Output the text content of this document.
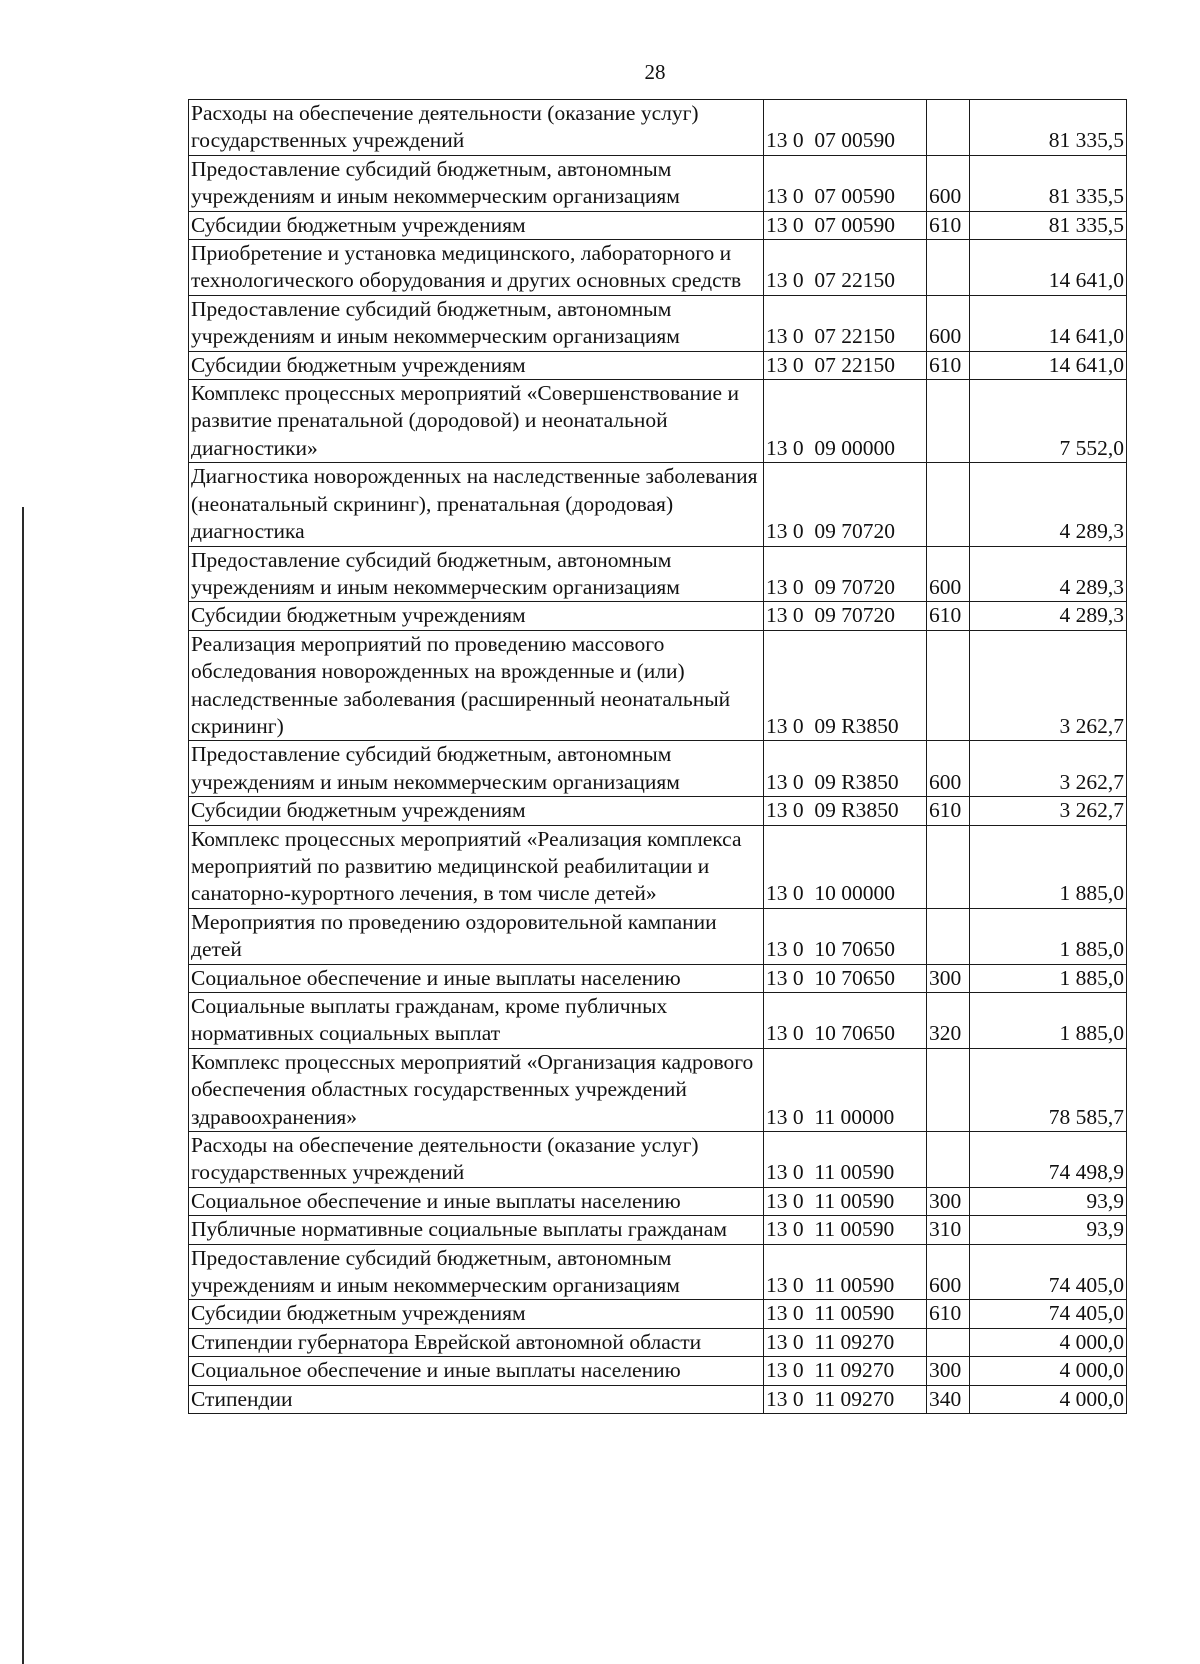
28
Расходы на обеспечение деятельности (оказание услуг) государственных учреждений	13 0  07 00590		81 335,5

Предоставление субсидий бюджетным, автономным учреждениям и иным некоммерческим организациям	13 0  07 00590	600	81 335,5

Субсидии бюджетным учреждениям	13 0  07 00590	610	81 335,5

Приобретение и установка медицинского, лабораторного и технологического оборудования и других основных средств	13 0  07 22150		14 641,0

Предоставление субсидий бюджетным, автономным учреждениям и иным некоммерческим организациям	13 0  07 22150	600	14 641,0

Субсидии бюджетным учреждениям	13 0  07 22150	610	14 641,0

Комплекс процессных мероприятий «Совершенствование и развитие пренатальной (дородовой) и неонатальной диагностики»	13 0  09 00000		7 552,0

Диагностика новорожденных на наследственные заболевания (неонатальный скрининг), пренатальная (дородовая) диагностика	13 0  09 70720		4 289,3

Предоставление субсидий бюджетным, автономным учреждениям и иным некоммерческим организациям	13 0  09 70720	600	4 289,3

Субсидии бюджетным учреждениям	13 0  09 70720	610	4 289,3

Реализация мероприятий по проведению массового обследования новорожденных на врожденные и (или) наследственные заболевания (расширенный неонатальный скрининг)	13 0  09 R3850		3 262,7

Предоставление субсидий бюджетным, автономным учреждениям и иным некоммерческим организациям	13 0  09 R3850	600	3 262,7

Субсидии бюджетным учреждениям	13 0  09 R3850	610	3 262,7

Комплекс процессных мероприятий «Реализация комплекса мероприятий по развитию медицинской реабилитации и санаторно-курортного лечения, в том числе детей»	13 0  10 00000		1 885,0

Мероприятия по проведению оздоровительной кампании детей	13 0  10 70650		1 885,0

Социальное обеспечение и иные выплаты населению	13 0  10 70650	300	1 885,0

Социальные выплаты гражданам, кроме публичных нормативных социальных выплат	13 0  10 70650	320	1 885,0

Комплекс процессных мероприятий «Организация кадрового обеспечения областных государственных учреждений здравоохранения»	13 0  11 00000		78 585,7

Расходы на обеспечение деятельности (оказание услуг) государственных учреждений	13 0  11 00590		74 498,9

Социальное обеспечение и иные выплаты населению	13 0  11 00590	300	93,9

Публичные нормативные социальные выплаты гражданам	13 0  11 00590	310	93,9

Предоставление субсидий бюджетным, автономным учреждениям и иным некоммерческим организациям	13 0  11 00590	600	74 405,0

Субсидии бюджетным учреждениям	13 0  11 00590	610	74 405,0

Стипендии губернатора Еврейской автономной области	13 0  11 09270		4 000,0

Социальное обеспечение и иные выплаты населению	13 0  11 09270	300	4 000,0

Стипендии	13 0  11 09270	340	4 000,0
